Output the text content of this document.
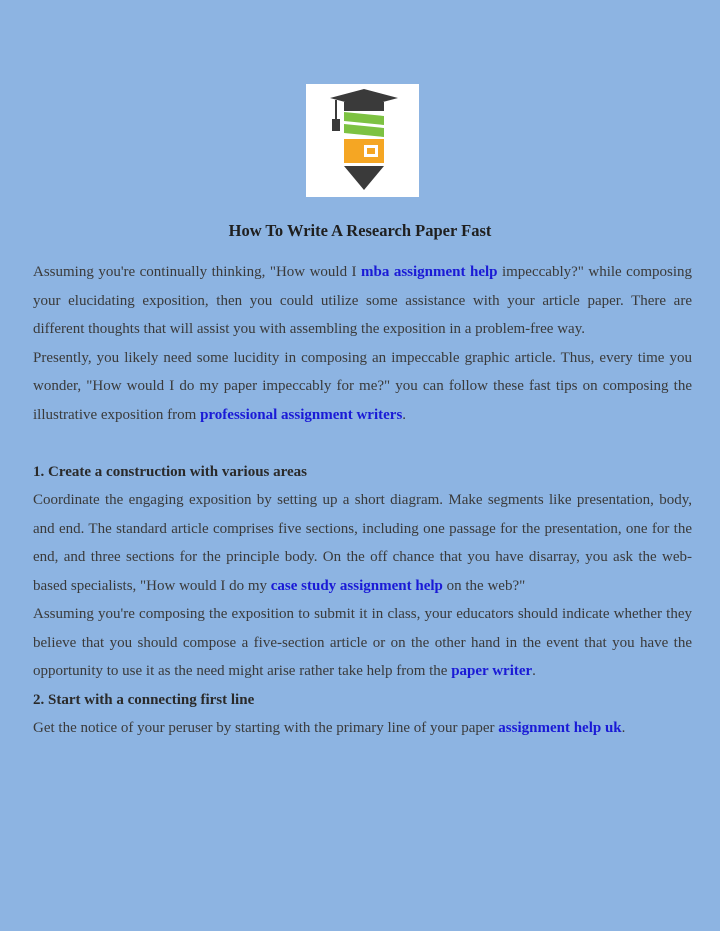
How To Write A Research Paper Fast

Assuming you're continually thinking, "How would I mba assignment help impeccably?" while composing your elucidating exposition, then you could utilize some assistance with your article paper. There are different thoughts that will assist you with assembling the exposition in a problem-free way.

Presently, you likely need some lucidity in composing an impeccable graphic article. Thus, every time you wonder, "How would I do my paper impeccably for me?" you can follow these fast tips on composing the illustrative exposition from professional assignment writers.

1. Create a construction with various areas

Coordinate the engaging exposition by setting up a short diagram. Make segments like presentation, body, and end. The standard article comprises five sections, including one passage for the presentation, one for the end, and three sections for the principle body. On the off chance that you have disarray, you ask the web-based specialists, "How would I do my case study assignment help on the web?"

Assuming you're composing the exposition to submit it in class, your educators should indicate whether they believe that you should compose a five-section article or on the other hand in the event that you have the opportunity to use it as the need might arise rather take help from the paper writer.

2. Start with a connecting first line

Get the notice of your peruser by starting with the primary line of your paper assignment help uk.
